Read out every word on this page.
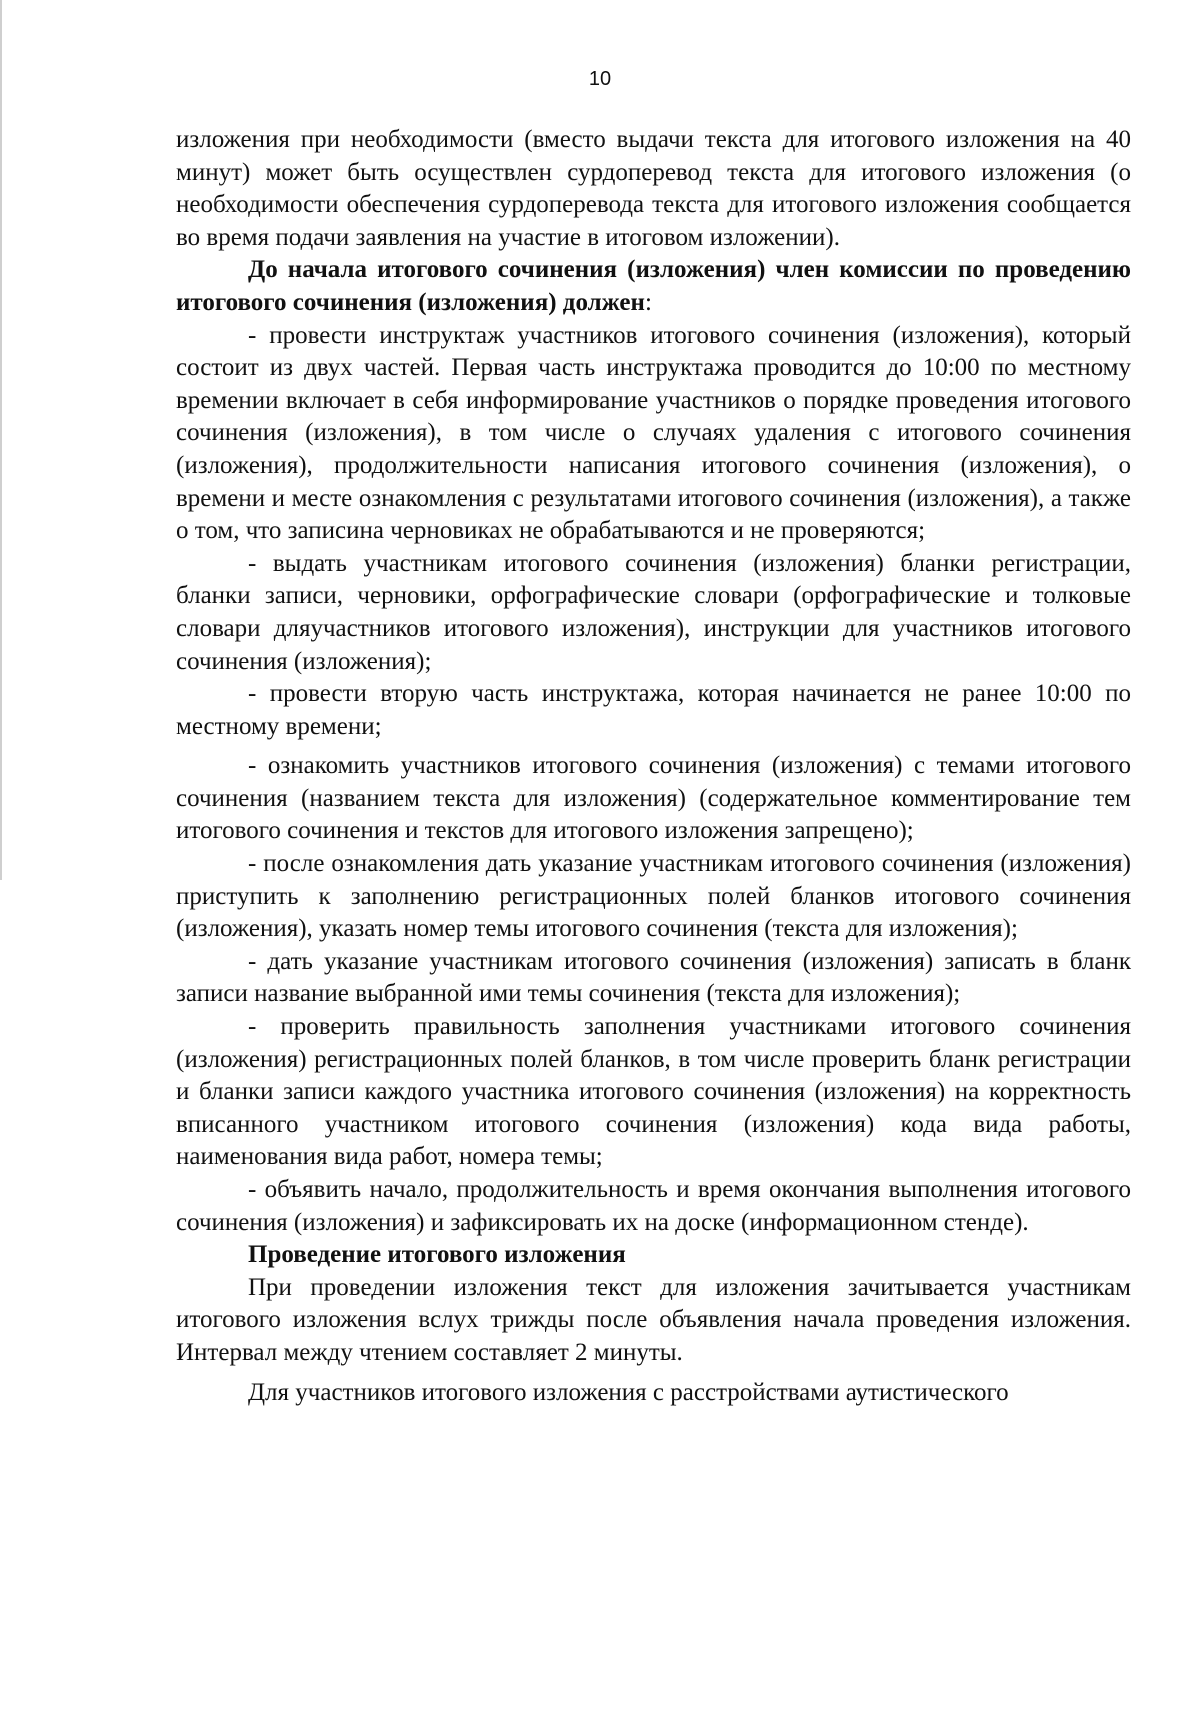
10

изложения при необходимости (вместо выдачи текста для итогового изложения на 40 минут) может быть осуществлен сурдоперевод текста для итогового изложения (о необходимости обеспечения сурдоперевода текста для итогового изложения сообщается во время подачи заявления на участие в итоговом изложении).

До начала итогового сочинения (изложения) член комиссии по проведению итогового сочинения (изложения) должен:

- провести инструктаж участников итогового сочинения (изложения), который состоит из двух частей. Первая часть инструктажа проводится до 10:00 по местному времении включает в себя информирование участников о порядке проведения итогового сочинения (изложения), в том числе о случаях удаления с итогового сочинения (изложения), продолжительности написания итогового сочинения (изложения), о времени и месте ознакомления с результатами итогового сочинения (изложения), а также о том, что записина черновиках не обрабатываются и не проверяются;

- выдать участникам итогового сочинения (изложения) бланки регистрации, бланки записи, черновики, орфографические словари (орфографические и толковые словари дляучастников итогового изложения), инструкции для участников итогового сочинения (изложения);

- провести вторую часть инструктажа, которая начинается не ранее 10:00 по местному времени;

- ознакомить участников итогового сочинения (изложения) с темами итогового сочинения (названием текста для изложения) (содержательное комментирование тем итогового сочинения и текстов для итогового изложения запрещено);

- после ознакомления дать указание участникам итогового сочинения (изложения) приступить к заполнению регистрационных полей бланков итогового сочинения (изложения), указать номер темы итогового сочинения (текста для изложения);

- дать указание участникам итогового сочинения (изложения) записать в бланк записи название выбранной ими темы сочинения (текста для изложения);

- проверить правильность заполнения участниками итогового сочинения (изложения) регистрационных полей бланков, в том числе проверить бланк регистрации и бланки записи каждого участника итогового сочинения (изложения) на корректность вписанного участником итогового сочинения (изложения) кода вида работы, наименования вида работ, номера темы;

- объявить начало, продолжительность и время окончания выполнения итогового сочинения (изложения) и зафиксировать их на доске (информационном стенде).

Проведение итогового изложения

При проведении изложения текст для изложения зачитывается участникам итогового изложения вслух трижды после объявления начала проведения изложения. Интервал между чтением составляет 2 минуты.

Для участников итогового изложения с расстройствами аутистического
